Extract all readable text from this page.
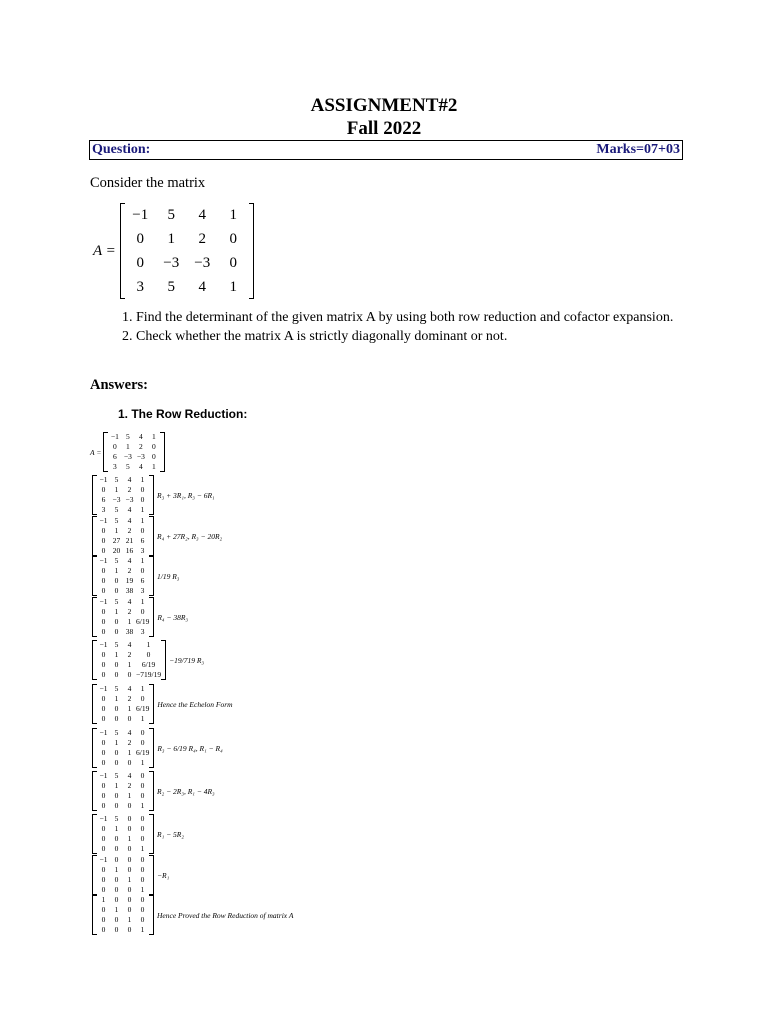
ASSIGNMENT#2
Fall 2022
Question:	Marks=07+03
Consider the matrix
A =
−1	5	4	1
0	1	2	0
0	−3	−3	0
3	5	4	1
1. Find the determinant of the given matrix A by using both row reduction and cofactor expansion.
2. Check whether the matrix A is strictly diagonally dominant or not.
Answers:
1. The Row Reduction:
A =
−1	5	4	1
0	1	2	0
6	−3	−3	0
3	5	4	1
−1	5	4	1
0	1	2	0
6	−3	−3	0
3	5	4	1
R₃ + 3R₁, R₃ − 6R₁
−1	5	4	1
0	1	2	0
0	27	21	6
0	20	16	3
R₄ + 27R₂, R₃ − 20R₂
−1	5	4	1
0	1	2	0
0	0	19	6
0	0	38	3
1/19 R₃
−1	5	4	1
0	1	2	0
0	0	1	6/19
0	0	38	3
R₄ − 38R₃
−1	5	4	1
0	1	2	0
0	0	1	6/19
0	0	0	−719/19
−19/719 R₃
−1	5	4	1
0	1	2	0
0	0	1	6/19
0	0	0	1
Hence the Echelon Form
−1	5	4	0
0	1	2	0
0	0	1	6/19
0	0	0	1
R₃ − 6/19 R₄, R₁ − R₄
−1	5	4	0
0	1	2	0
0	0	1	0
0	0	0	1
R₂ − 2R₃, R₁ − 4R₃
−1	5	0	0
0	1	0	0
0	0	1	0
0	0	0	1
R₁ − 5R₂
−1	0	0	0
0	1	0	0
0	0	1	0
0	0	0	1
−R₁
1	0	0	0
0	1	0	0
0	0	1	0
0	0	0	1
Hence Proved the Row Reduction of matrix A
